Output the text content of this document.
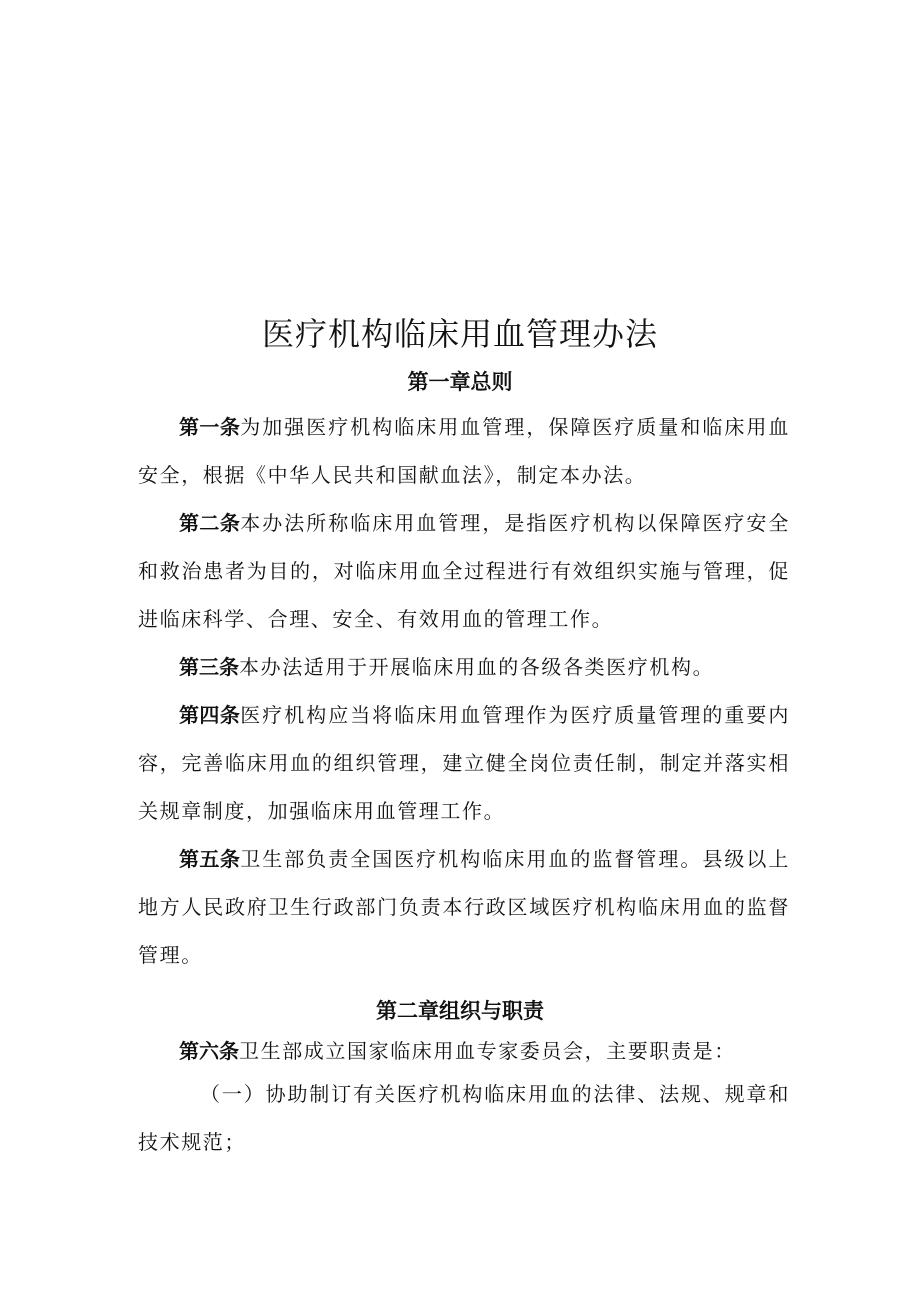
医疗机构临床用血管理办法
第一章总则

第一条为加强医疗机构临床用血管理，保障医疗质量和临床用血安全，根据《中华人民共和国献血法》，制定本办法。

第二条本办法所称临床用血管理，是指医疗机构以保障医疗安全和救治患者为目的，对临床用血全过程进行有效组织实施与管理，促进临床科学、合理、安全、有效用血的管理工作。

第三条本办法适用于开展临床用血的各级各类医疗机构。

第四条医疗机构应当将临床用血管理作为医疗质量管理的重要内容，完善临床用血的组织管理，建立健全岗位责任制，制定并落实相关规章制度，加强临床用血管理工作。

第五条卫生部负责全国医疗机构临床用血的监督管理。县级以上地方人民政府卫生行政部门负责本行政区域医疗机构临床用血的监督管理。

第二章组织与职责

第六条卫生部成立国家临床用血专家委员会，主要职责是：

（一）协助制订有关医疗机构临床用血的法律、法规、规章和技术规范；
